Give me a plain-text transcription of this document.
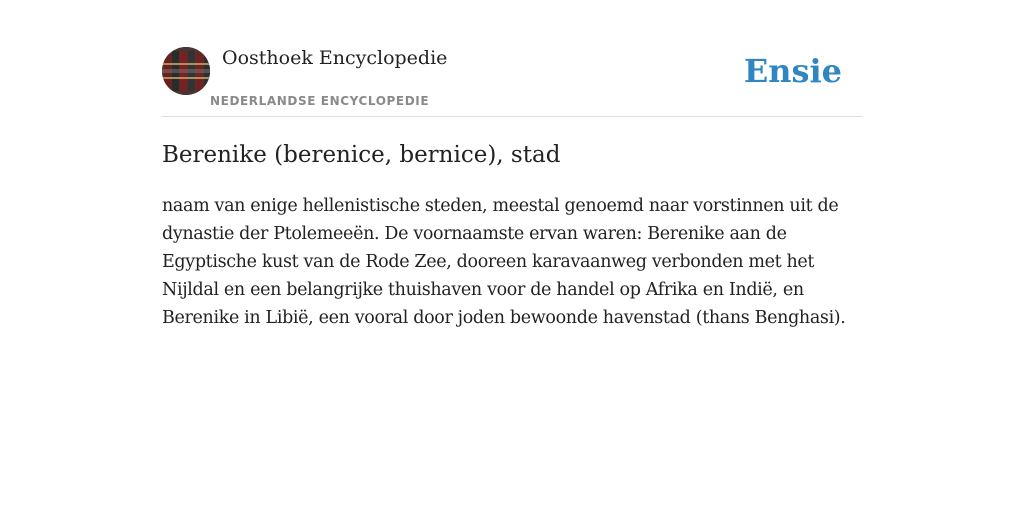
Oosthoek Encyclopedie
NEDERLANDSE ENCYCLOPEDIE
Ensie
Berenike (berenice, bernice), stad

naam van enige hellenistische steden, meestal genoemd naar vorstinnen uit de dynastie der Ptolemeeën. De voornaamste ervan waren: Berenike aan de Egyptische kust van de Rode Zee, dooreen karavaanweg verbonden met het Nijldal en een belangrijke thuishaven voor de handel op Afrika en Indië, en Berenike in Libië, een vooral door joden bewoonde havenstad (thans Benghasi).
